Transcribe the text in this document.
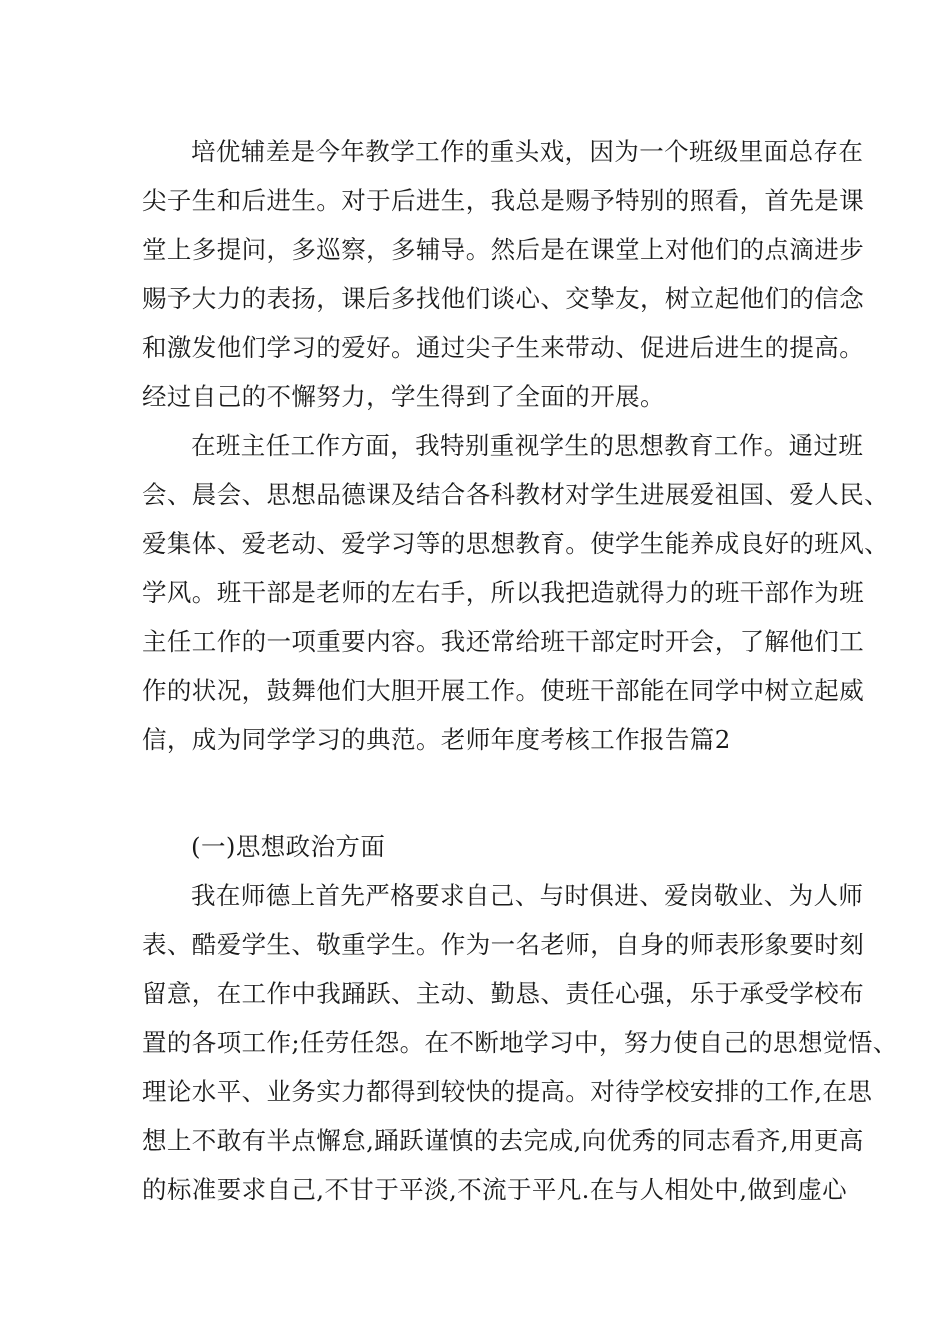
培优辅差是今年教学工作的重头戏，因为一个班级里面总存在
尖子生和后进生。对于后进生，我总是赐予特别的照看，首先是课
堂上多提问，多巡察，多辅导。然后是在课堂上对他们的点滴进步
赐予大力的表扬，课后多找他们谈心、交挚友，树立起他们的信念
和激发他们学习的爱好。通过尖子生来带动、促进后进生的提高。
经过自己的不懈努力，学生得到了全面的开展。
在班主任工作方面，我特别重视学生的思想教育工作。通过班
会、晨会、思想品德课及结合各科教材对学生进展爱祖国、爱人民、
爱集体、爱老动、爱学习等的思想教育。使学生能养成良好的班风、
学风。班干部是老师的左右手，所以我把造就得力的班干部作为班
主任工作的一项重要内容。我还常给班干部定时开会，了解他们工
作的状况，鼓舞他们大胆开展工作。使班干部能在同学中树立起威
信，成为同学学习的典范。老师年度考核工作报告篇2
(一)思想政治方面
我在师德上首先严格要求自己、与时俱进、爱岗敬业、为人师
表、酷爱学生、敬重学生。作为一名老师，自身的师表形象要时刻
留意，在工作中我踊跃、主动、勤恳、责任心强，乐于承受学校布
置的各项工作;任劳任怨。在不断地学习中，努力使自己的思想觉悟、
理论水平、业务实力都得到较快的提高。对待学校安排的工作,在思
想上不敢有半点懈怠,踊跃谨慎的去完成,向优秀的同志看齐,用更高
的标准要求自己,不甘于平淡,不流于平凡.在与人相处中,做到虚心
